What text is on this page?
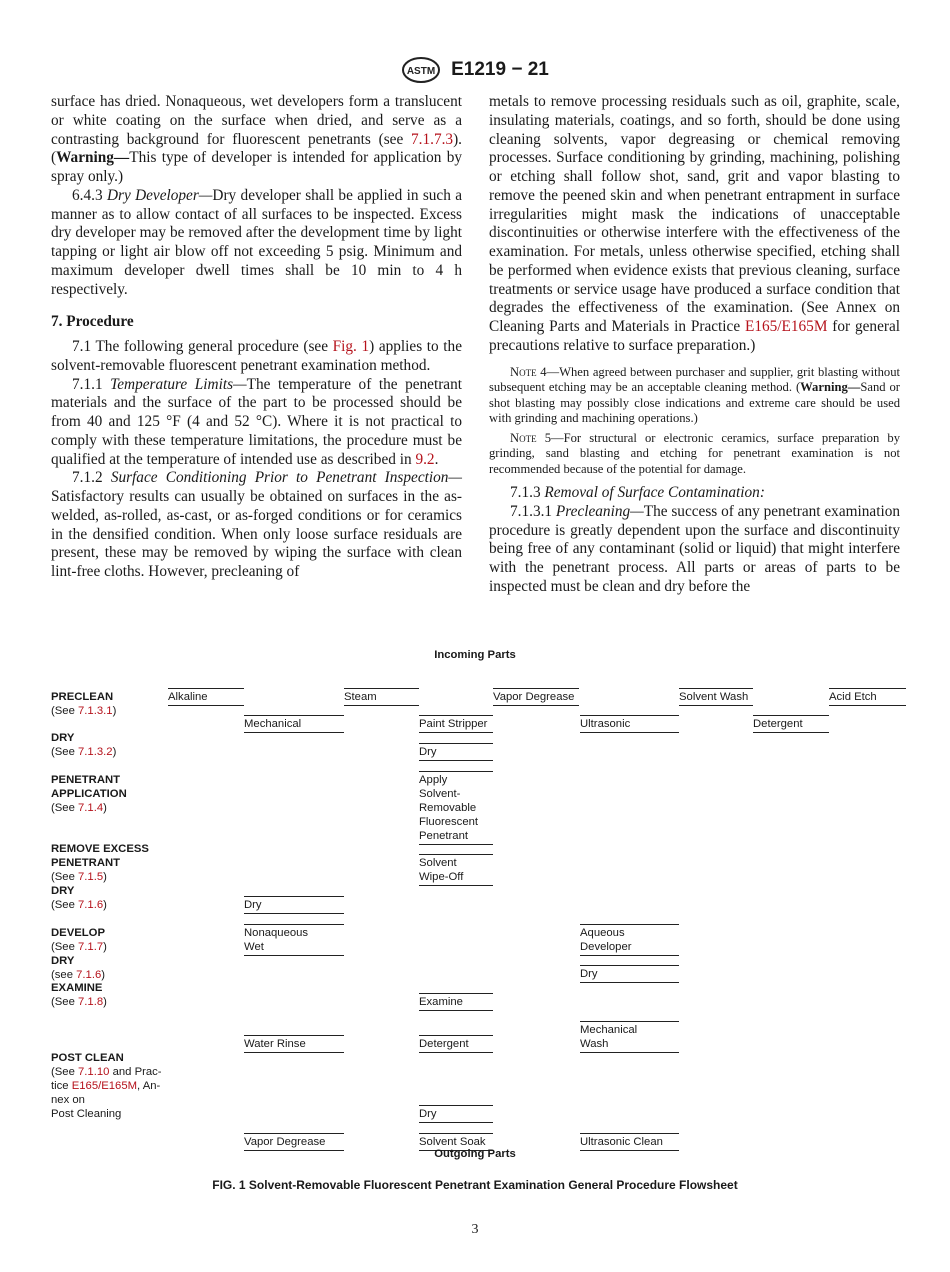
ASTM E1219 − 21

surface has dried. Nonaqueous, wet developers form a translucent or white coating on the surface when dried, and serve as a contrasting background for fluorescent penetrants (see 7.1.7.3). (Warning—This type of developer is intended for application by spray only.)

6.4.3 Dry Developer—Dry developer shall be applied in such a manner as to allow contact of all surfaces to be inspected. Excess dry developer may be removed after the development time by light tapping or light air blow off not exceeding 5 psig. Minimum and maximum developer dwell times shall be 10 min to 4 h respectively.

7. Procedure

7.1 The following general procedure (see Fig. 1) applies to the solvent-removable fluorescent penetrant examination method.

7.1.1 Temperature Limits—The temperature of the penetrant materials and the surface of the part to be processed should be from 40 and 125 °F (4 and 52 °C). Where it is not practical to comply with these temperature limitations, the procedure must be qualified at the temperature of intended use as described in 9.2.

7.1.2 Surface Conditioning Prior to Penetrant Inspection—Satisfactory results can usually be obtained on surfaces in the as-welded, as-rolled, as-cast, or as-forged conditions or for ceramics in the densified condition. When only loose surface residuals are present, these may be removed by wiping the surface with clean lint-free cloths. However, precleaning of

metals to remove processing residuals such as oil, graphite, scale, insulating materials, coatings, and so forth, should be done using cleaning solvents, vapor degreasing or chemical removing processes. Surface conditioning by grinding, machining, polishing or etching shall follow shot, sand, grit and vapor blasting to remove the peened skin and when penetrant entrapment in surface irregularities might mask the indications of unacceptable discontinuities or otherwise interfere with the effectiveness of the examination. For metals, unless otherwise specified, etching shall be performed when evidence exists that previous cleaning, surface treatments or service usage have produced a surface condition that degrades the effectiveness of the examination. (See Annex on Cleaning Parts and Materials in Practice E165/E165M for general precautions relative to surface preparation.)

Note 4—When agreed between purchaser and supplier, grit blasting without subsequent etching may be an acceptable cleaning method. (Warning—Sand or shot blasting may possibly close indications and extreme care should be used with grinding and machining operations.)

Note 5—For structural or electronic ceramics, surface preparation by grinding, sand blasting and etching for penetrant examination is not recommended because of the potential for damage.

7.1.3 Removal of Surface Contamination:

7.1.3.1 Precleaning—The success of any penetrant examination procedure is greatly dependent upon the surface and discontinuity being free of any contaminant (solid or liquid) that might interfere with the penetrant process. All parts or areas of parts to be inspected must be clean and dry before the

Incoming Parts
PRECLEAN
(See 7.1.3.1)
DRY
(See 7.1.3.2)
PENETRANT
APPLICATION
(See 7.1.4)
REMOVE EXCESS
PENETRANT
(See 7.1.5)
DRY
(See 7.1.6)
DEVELOP
(See 7.1.7)
DRY
(see 7.1.6)
EXAMINE
(See 7.1.8)
POST CLEAN
(See 7.1.10 and Prac-
tice E165/E165M, An-
nex on
Post Cleaning
Alkaline	Steam	Vapor Degrease	Solvent Wash	Acid Etch
Mechanical	Paint Stripper	Ultrasonic	Detergent
Dry
Apply
Solvent-
Removable
Fluorescent
Penetrant
Solvent
Wipe-Off
Dry
Nonaqueous
Wet
Aqueous
Developer
Dry
Examine
Mechanical
Wash
Water Rinse	Detergent
Dry
Vapor Degrease	Solvent Soak	Ultrasonic Clean
Outgoing Parts
FIG. 1 Solvent-Removable Fluorescent Penetrant Examination General Procedure Flowsheet
3
